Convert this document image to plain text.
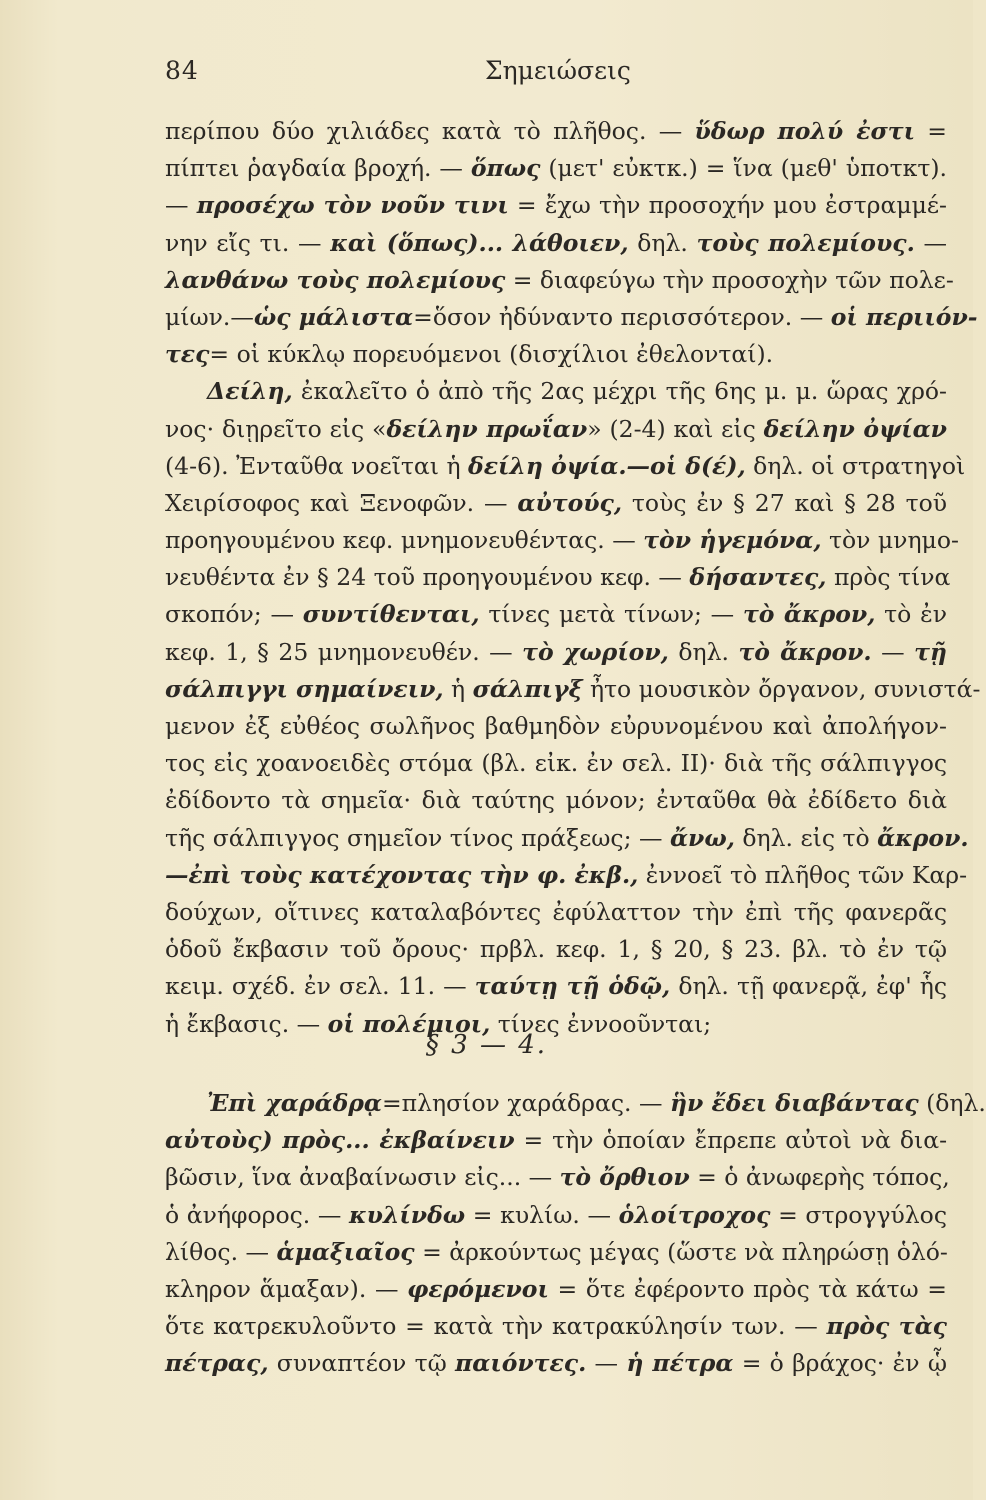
84	Σημειώσεις
περίπου δύο χιλιάδες κατὰ τὸ πλῆθος. — ὕδωρ πολύ ἐστι =
πίπτει ῥαγδαία βροχή. — ὅπως (μετ' εὐκτκ.) = ἵνα (μεθ' ὑποτκτ).
— προσέχω τὸν νοῦν τινι = ἔχω τὴν προσοχήν μου ἐστραμμέ-
νην εἴς τι. — καὶ (ὅπως)... λάθοιεν, δηλ. τοὺς πολεμίους. —
λανθάνω τοὺς πολεμίους = διαφεύγω τὴν προσοχὴν τῶν πολε-
μίων.—ὡς μάλιστα=ὅσον ἠδύναντο περισσότερον. — οἱ περιιόν-
τες= οἱ κύκλῳ πορευόμενοι (δισχίλιοι ἐθελονταί).
Δείλη, ἐκαλεῖτο ὁ ἀπὸ τῆς 2ας μέχρι τῆς 6ης μ. μ. ὥρας χρό-
νος· διῃρεῖτο εἰς «δείλην πρωΐαν» (2-4) καὶ εἰς δείλην ὀψίαν
(4-6). Ἐνταῦθα νοεῖται ἡ δείλη ὀψία.—οἱ δ(έ), δηλ. οἱ στρατηγοὶ
Χειρίσοφος καὶ Ξενοφῶν. — αὐτούς, τοὺς ἐν § 27 καὶ § 28 τοῦ
προηγουμένου κεφ. μνημονευθέντας. — τὸν ἡγεμόνα, τὸν μνημο-
νευθέντα ἐν § 24 τοῦ προηγουμένου κεφ. — δήσαντες, πρὸς τίνα
σκοπόν; — συντίθενται, τίνες μετὰ τίνων; — τὸ ἄκρον, τὸ ἐν
κεφ. 1, § 25 μνημονευθέν. — τὸ χωρίον, δηλ. τὸ ἄκρον. — τῇ
σάλπιγγι σημαίνειν, ἡ σάλπιγξ ἦτο μουσικὸν ὄργανον, συνιστά-
μενον ἐξ εὐθέος σωλῆνος βαθμηδὸν εὐρυνομένου καὶ ἀπολήγον-
τος εἰς χοανοειδὲς στόμα (βλ. εἰκ. ἐν σελ. II)· διὰ τῆς σάλπιγγος
ἐδίδοντο τὰ σημεῖα· διὰ ταύτης μόνον; ἐνταῦθα θὰ ἐδίδετο διὰ
τῆς σάλπιγγος σημεῖον τίνος πράξεως; — ἄνω, δηλ. εἰς τὸ ἄκρον.
—ἐπὶ τοὺς κατέχοντας τὴν φ. ἐκβ., ἐννοεῖ τὸ πλῆθος τῶν Καρ-
δούχων, οἵτινες καταλαβόντες ἐφύλαττον τὴν ἐπὶ τῆς φανερᾶς
ὁδοῦ ἔκβασιν τοῦ ὄρους· πρβλ. κεφ. 1, § 20, § 23. βλ. τὸ ἐν τῷ
κειμ. σχέδ. ἐν σελ. 11. — ταύτῃ τῇ ὁδῷ, δηλ. τῇ φανερᾷ, ἐφ' ἧς
ἡ ἔκβασις. — οἱ πολέμιοι, τίνες ἐννοοῦνται;
§ 3 — 4.
Ἐπὶ χαράδρᾳ=πλησίον χαράδρας. — ἣν ἔδει διαβάντας (δηλ.
αὐτοὺς) πρὸς... ἐκβαίνειν = τὴν ὁποίαν ἔπρεπε αὐτοὶ νὰ δια-
βῶσιν, ἵνα ἀναβαίνωσιν εἰς... — τὸ ὄρθιον = ὁ ἀνωφερὴς τόπος,
ὁ ἀνήφορος. — κυλίνδω = κυλίω. — ὁλοίτροχος = στρογγύλος
λίθος. — ἁμαξιαῖος = ἀρκούντως μέγας (ὥστε νὰ πληρώσῃ ὁλό-
κληρον ἅμαξαν). — φερόμενοι = ὅτε ἐφέροντο πρὸς τὰ κάτω =
ὅτε κατρεκυλοῦντο = κατὰ τὴν κατρακύλησίν των. — πρὸς τὰς
πέτρας, συναπτέον τῷ παιόντες. — ἡ πέτρα = ὁ βράχος· ἐν ᾧ
